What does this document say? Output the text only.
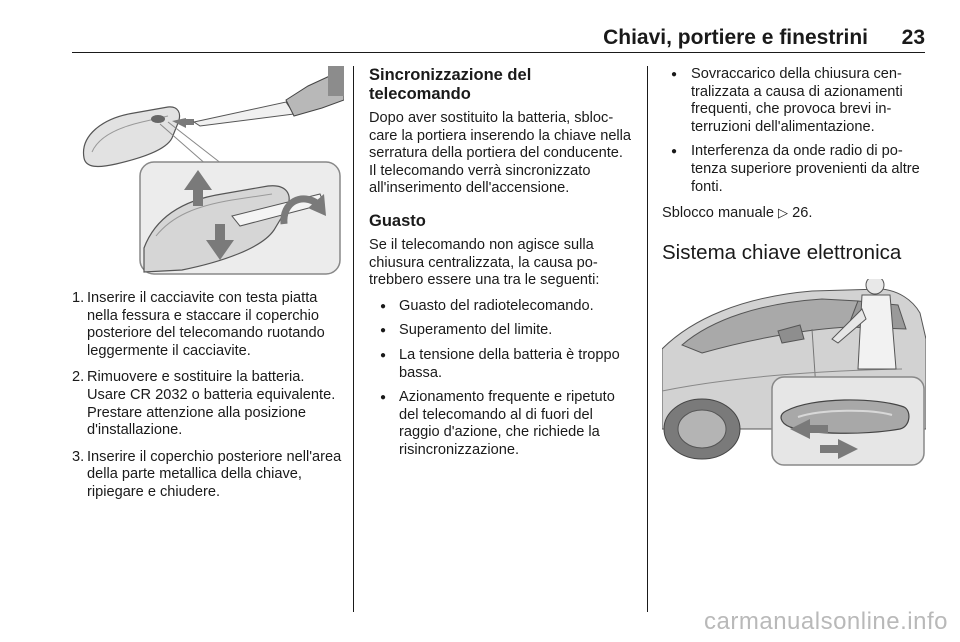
Chiavi, portiere e finestrini 23
1. Inserire il cacciavite con testa piatta nella fessura e staccare il coperchio posteriore del telecomando ruotando leggermente il cacciavite.
2. Rimuovere e sostituire la batteria. Usare CR 2032 o batteria equivalente. Prestare attenzione alla posizione d'installazione.
3. Inserire il coperchio posteriore nell'area della parte metallica della chiave, ripiegare e chiudere.
Sincronizzazione del telecomando

Dopo aver sostituito la batteria, sbloccare la portiera inserendo la chiave nella serratura della portiera del conducente. Il telecomando verrà sincronizzato all'inserimento dell'accensione.

Guasto

Se il telecomando non agisce sulla chiusura centralizzata, la causa potrebbero essere una tra le seguenti:

● Guasto del radiotelecomando.
● Superamento del limite.
● La tensione della batteria è troppo bassa.
● Azionamento frequente e ripetuto del telecomando al di fuori del raggio d'azione, che richiede la risincronizzazione.
● Sovraccarico della chiusura centralizzata a causa di azionamenti frequenti, che provoca brevi interruzioni dell'alimentazione.
● Interferenza da onde radio di potenza superiore provenienti da altre fonti.

Sblocco manuale ▷ 26.

Sistema chiave elettronica
carmanualsonline.info
